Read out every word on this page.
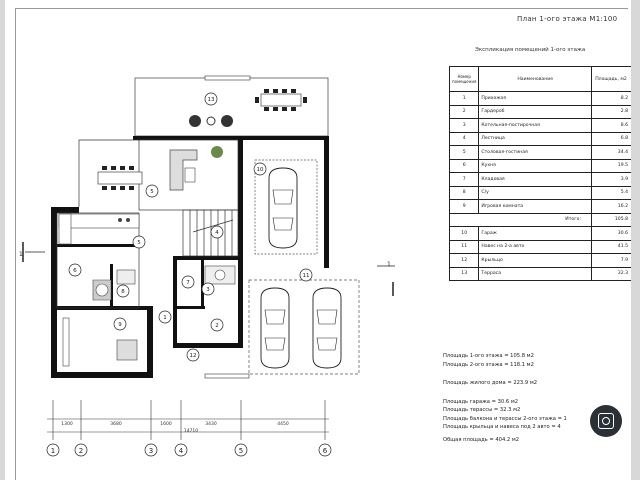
План 1-ого этажа М1:100
13
5
10
5
6
8	3
11
9
1
2
12
7
4
1
1
1300	3680	1600	3430	4450
14710
1	2	3	4	5	6
Экспликация помещений 1-ого этажа
Номер помещения	Наименование	Площадь, м2
1	Прихожая	8.2
2	Гардероб	2.8
3	Котельная-постирочная	8.6
4	Лестница	6.8
5	Столовая-гостиная	34.4
6	Кухня	19.5
7	Кладовая	3.9
8	С/у	5.4
9	Игровая комната	16.2
Итого:		105.8
10	Гараж	30.6
11	Навес на 2-а авто	41.5
12	Крыльцо	7.9
13	Терраса	32.3
Площадь 1-ого этажа = 105.8 м2
Площадь 2-ого этажа = 118.1 м2
Площадь жилого дома = 223.9 м2
Площадь гаража = 30.6 м2
Площадь терассы = 32.3 м2
Площадь балкона и терассы 2-ого этажа = 1
Площадь крыльца и навеса под 2 авто = 4
Общая площадь = 404.2 м2
